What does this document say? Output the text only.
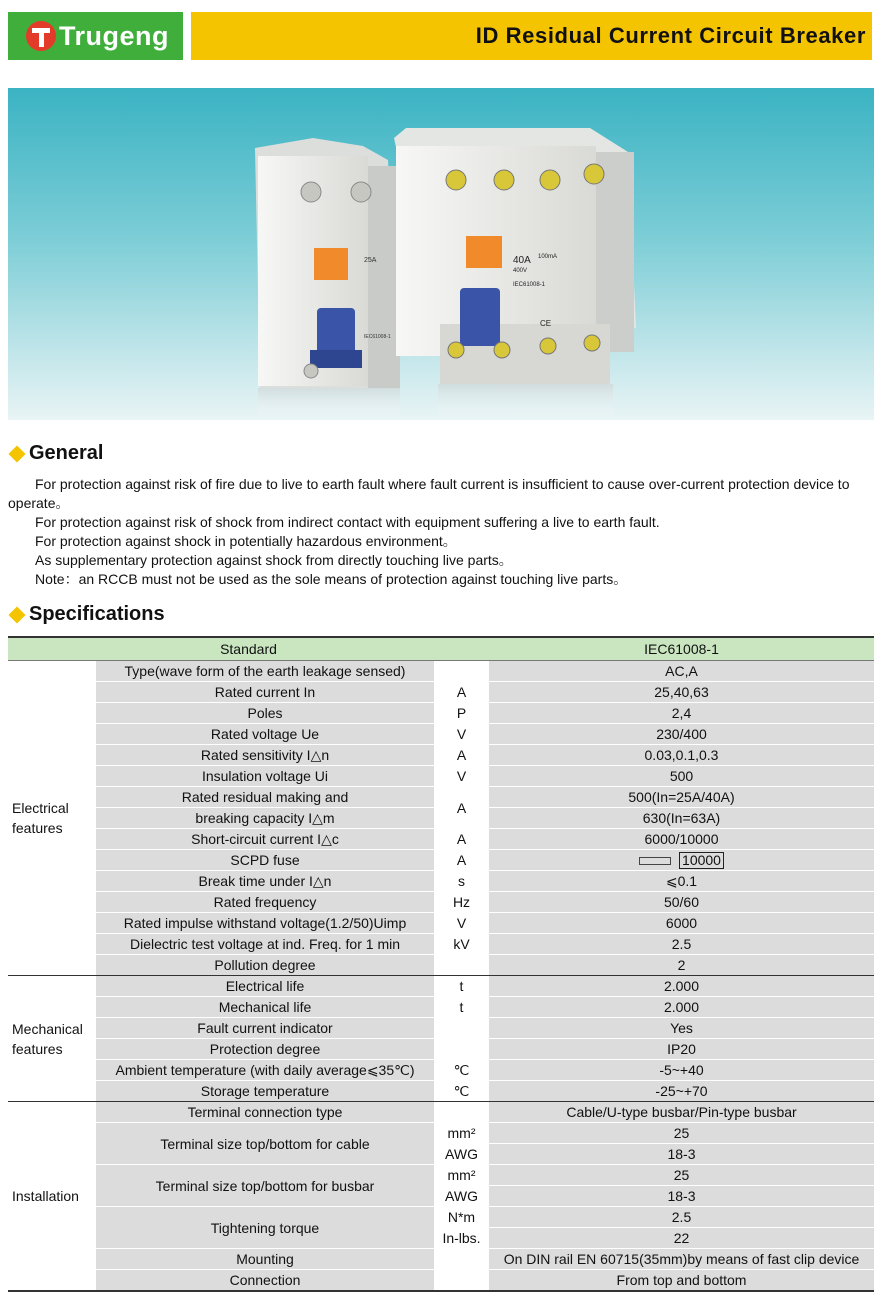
Trugeng	ID Residual Current Circuit Breaker
25A
IEC61008-1
40A 100mA
400V
IEC61008-1
CE
General

For protection against risk of fire due to live to earth fault where fault current is insufficient to cause over-current protection device to operate。

For protection against risk of shock from indirect contact with equipment suffering a live to earth fault.

For protection against shock in potentially hazardous environment。

As supplementary protection against shock from directly touching live parts。

Note：an RCCB must not be used as the sole means of protection against touching live parts。

Specifications
Standard			IEC61008-1
Electrical features	Type(wave form of the earth leakage sensed)		AC,A
	Rated current In	A	25,40,63
	Poles	P	2,4
	Rated voltage Ue	V	230/400
	Rated sensitivity I△n	A	0.03,0.1,0.3
	Insulation voltage Ui	V	500
	Rated residual making and	A	500(In=25A/40A)
	breaking capacity I△m		630(In=63A)
	Short-circuit current I△c	A	6000/10000
	SCPD fuse	A	10000
	Break time under I△n	s	⩽0.1
	Rated frequency	Hz	50/60
	Rated impulse withstand voltage(1.2/50)Uimp	V	6000
	Dielectric test voltage at ind. Freq. for 1 min	kV	2.5
	Pollution degree		2
Mechanical features	Electrical life	t	2.000
	Mechanical life	t	2.000
	Fault current indicator		Yes
	Protection degree		IP20
	Ambient temperature (with daily average⩽35℃)	℃	-5~+40
	Storage temperature	℃	-25~+70
Installation	Terminal connection type		Cable/U-type busbar/Pin-type busbar
	Terminal size top/bottom for cable	mm²	25
		AWG	18-3
	Terminal size top/bottom for busbar	mm²	25
		AWG	18-3
	Tightening torque	N*m	2.5
		In-lbs.	22
	Mounting		On DIN rail EN 60715(35mm)by means of fast clip device
	Connection		From top and bottom
